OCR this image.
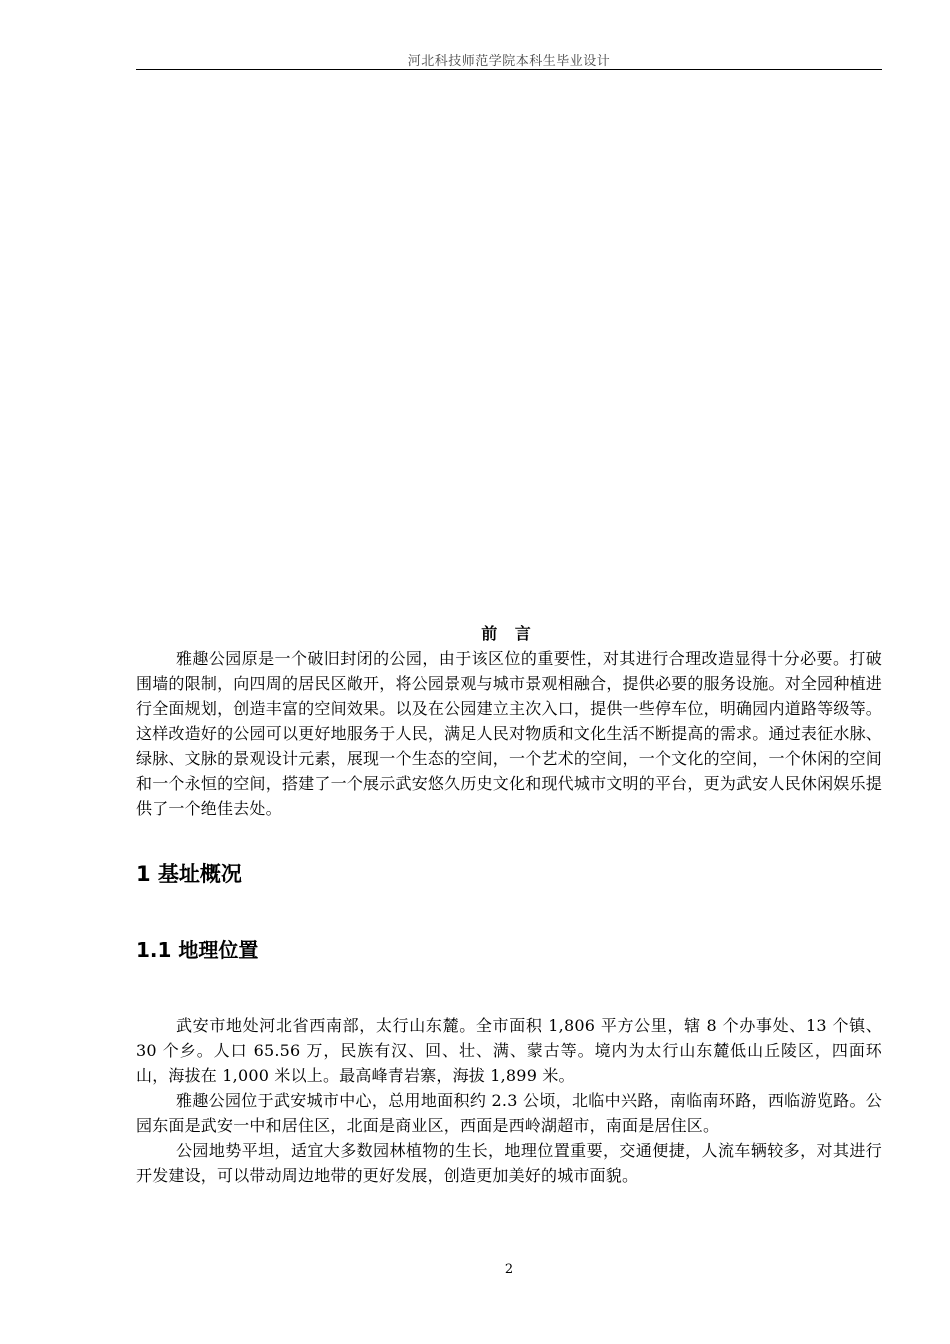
河北科技师范学院本科生毕业设计

前 言

雅趣公园原是一个破旧封闭的公园，由于该区位的重要性，对其进行合理改造显得十分必要。打破围墙的限制，向四周的居民区敞开，将公园景观与城市景观相融合，提供必要的服务设施。对全园种植进行全面规划，创造丰富的空间效果。以及在公园建立主次入口，提供一些停车位，明确园内道路等级等。这样改造好的公园可以更好地服务于人民，满足人民对物质和文化生活不断提高的需求。通过表征水脉、绿脉、文脉的景观设计元素，展现一个生态的空间，一个艺术的空间，一个文化的空间，一个休闲的空间和一个永恒的空间，搭建了一个展示武安悠久历史文化和现代城市文明的平台，更为武安人民休闲娱乐提供了一个绝佳去处。

1 基址概况
1.1 地理位置

武安市地处河北省西南部，太行山东麓。全市面积 1,806 平方公里，辖 8 个办事处、13 个镇、30 个乡。人口 65.56 万，民族有汉、回、壮、满、蒙古等。境内为太行山东麓低山丘陵区，四面环山，海拔在 1,000 米以上。最高峰青岩寨，海拔 1,899 米。

雅趣公园位于武安城市中心，总用地面积约 2.3 公顷，北临中兴路，南临南环路，西临游览路。公园东面是武安一中和居住区，北面是商业区，西面是西岭湖超市，南面是居住区。

公园地势平坦，适宜大多数园林植物的生长，地理位置重要，交通便捷，人流车辆较多，对其进行开发建设，可以带动周边地带的更好发展，创造更加美好的城市面貌。

2
